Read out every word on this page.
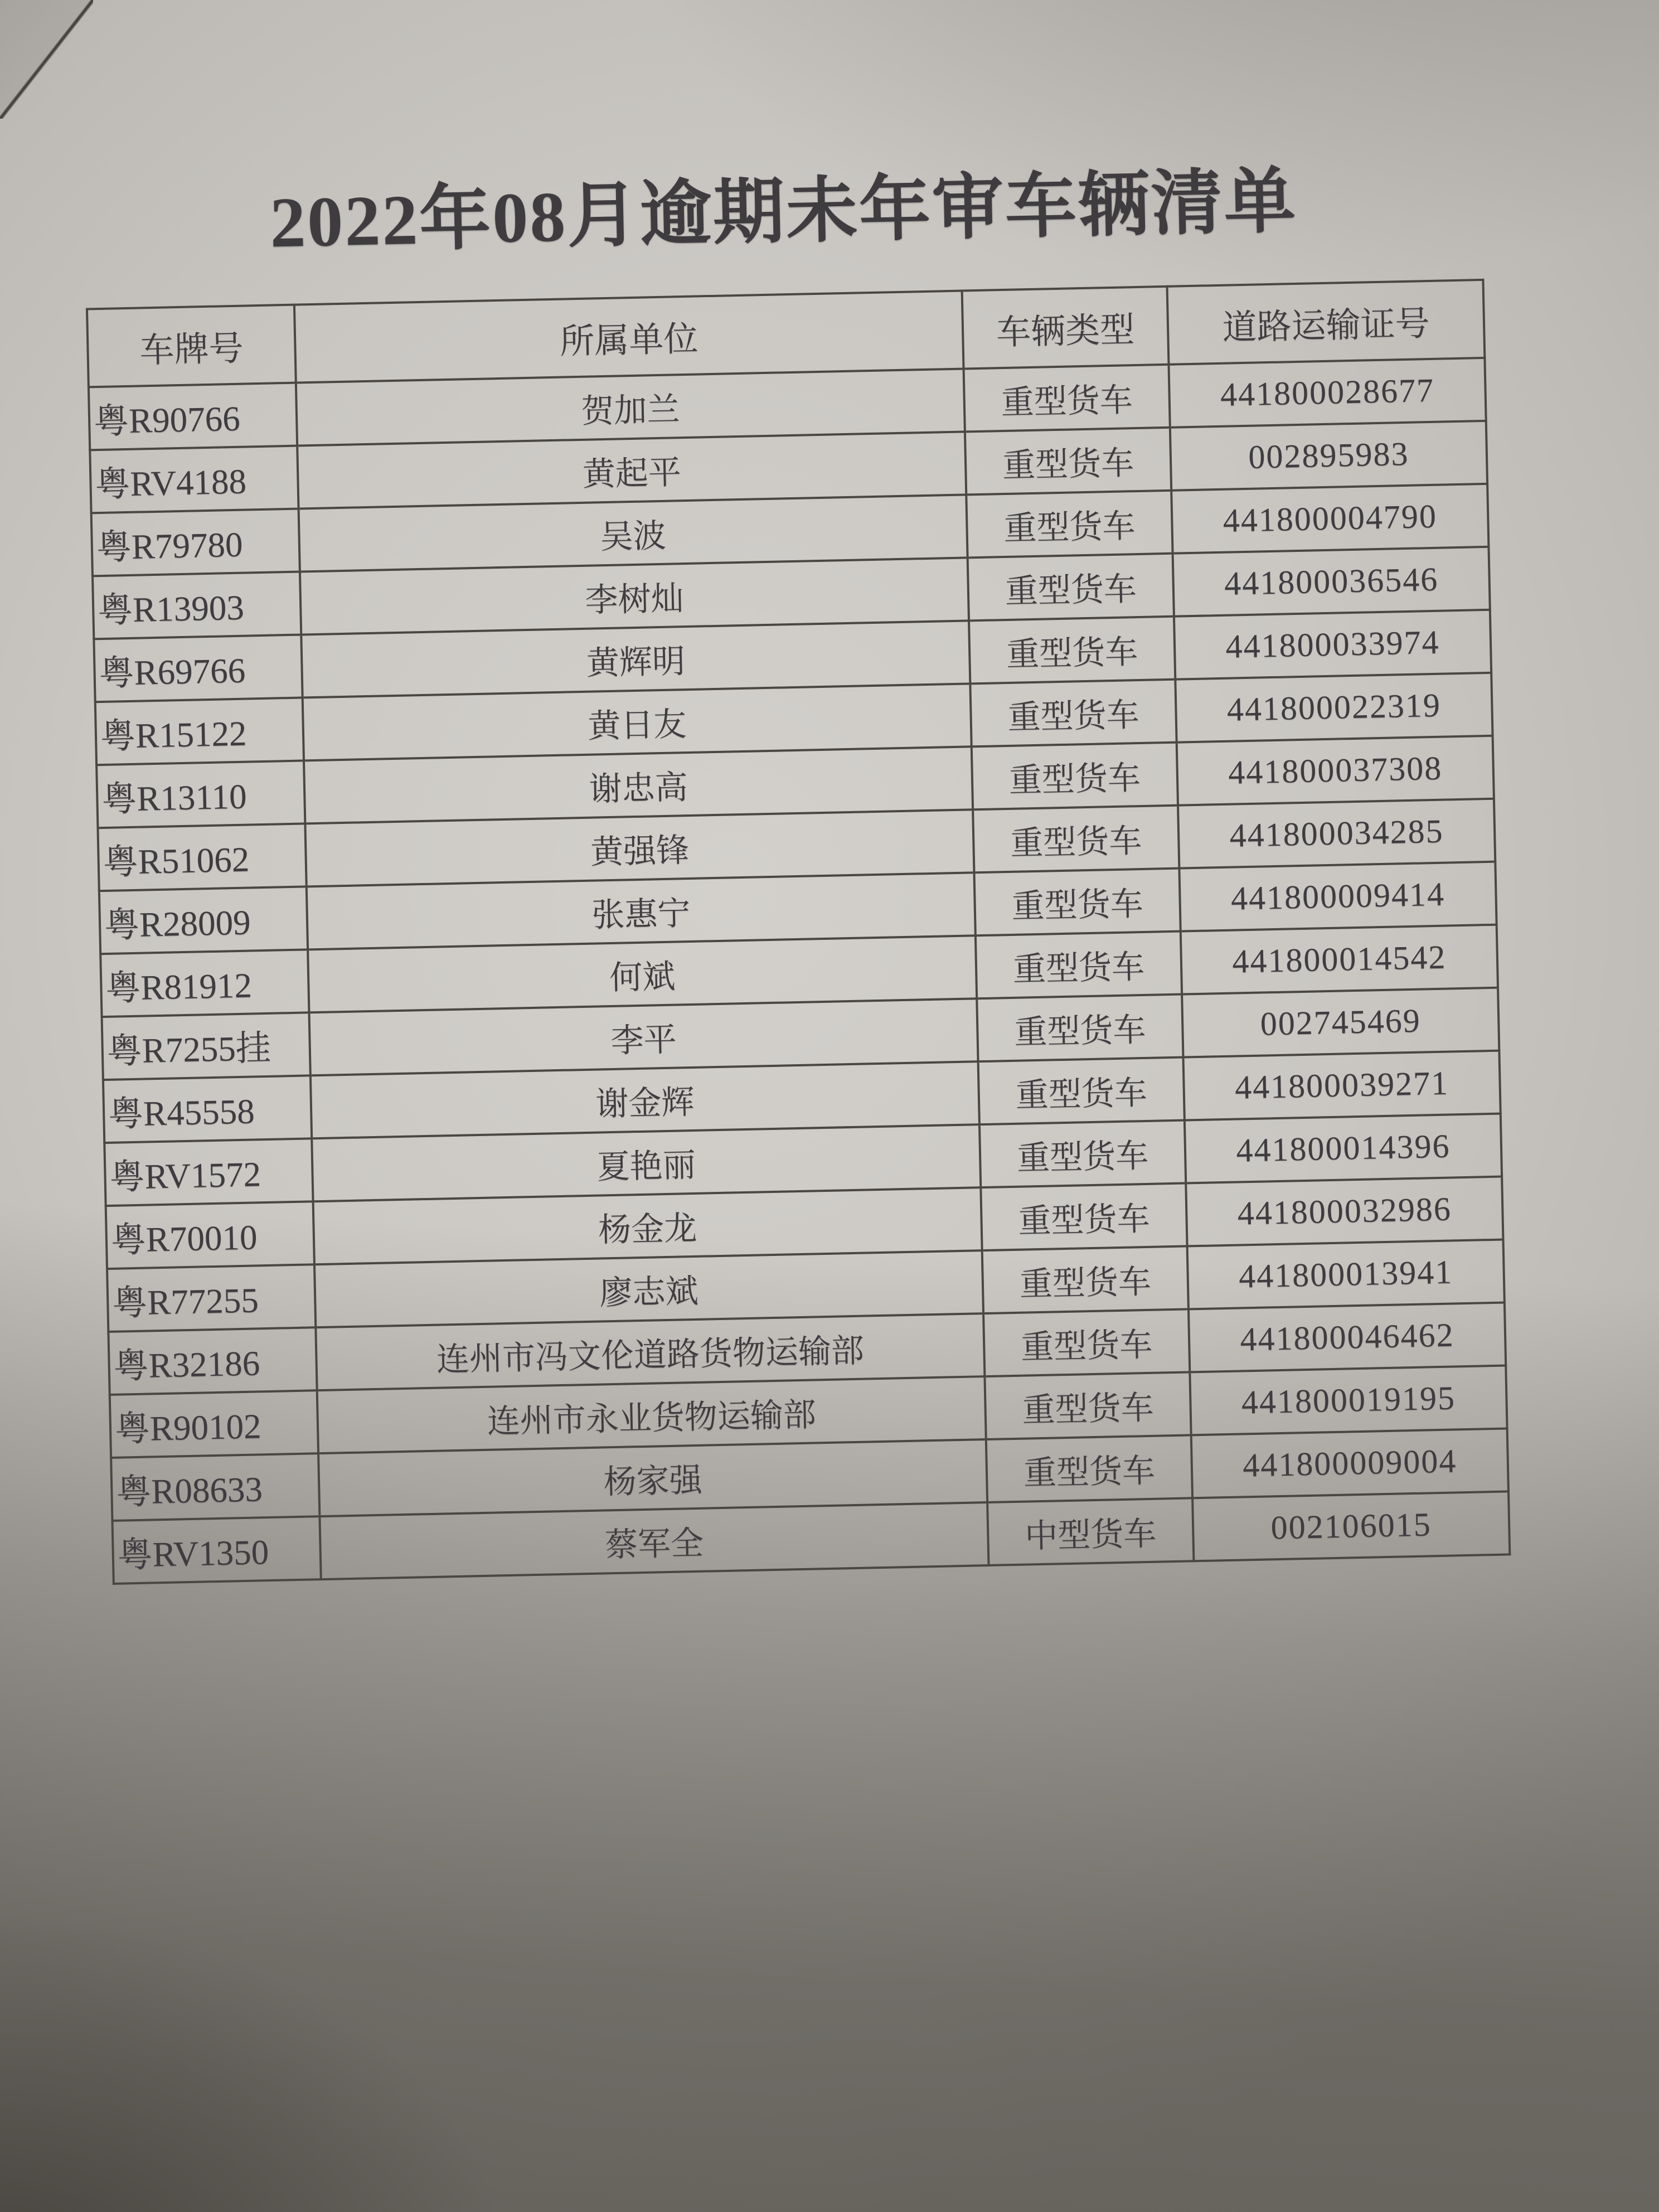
2022年08月逾期未年审车辆清单
车牌号	所属单位	车辆类型	道路运输证号
粤R90766	贺加兰	重型货车	441800028677
粤RV4188	黄起平	重型货车	002895983
粤R79780	吴波	重型货车	441800004790
粤R13903	李树灿	重型货车	441800036546
粤R69766	黄辉明	重型货车	441800033974
粤R15122	黄日友	重型货车	441800022319
粤R13110	谢忠高	重型货车	441800037308
粤R51062	黄强锋	重型货车	441800034285
粤R28009	张惠宁	重型货车	441800009414
粤R81912	何斌	重型货车	441800014542
粤R7255挂	李平	重型货车	002745469
粤R45558	谢金辉	重型货车	441800039271
粤RV1572	夏艳丽	重型货车	441800014396
粤R70010	杨金龙	重型货车	441800032986
粤R77255	廖志斌	重型货车	441800013941
粤R32186	连州市冯文伦道路货物运输部	重型货车	441800046462
粤R90102	连州市永业货物运输部	重型货车	441800019195
粤R08633	杨家强	重型货车	441800009004
粤RV1350	蔡军全	中型货车	002106015
